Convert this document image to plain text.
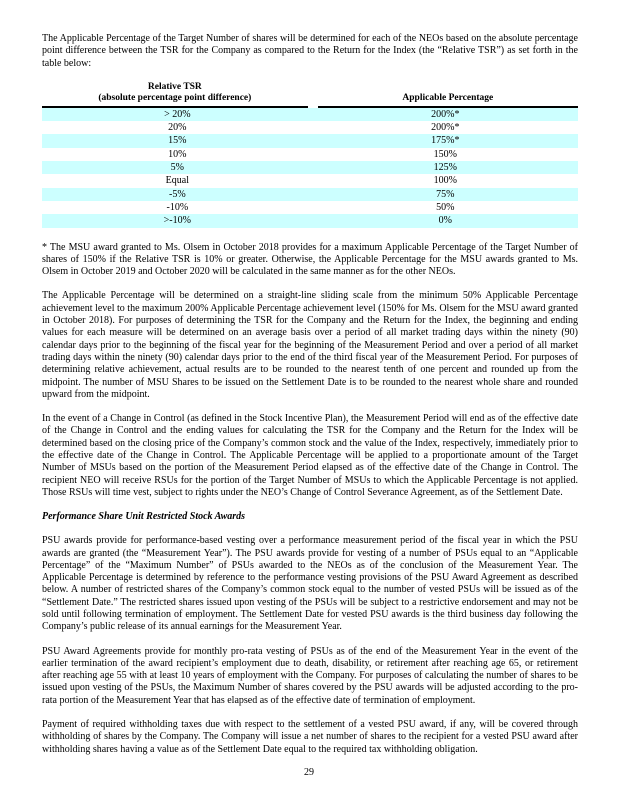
The Applicable Percentage of the Target Number of shares will be determined for each of the NEOs based on the absolute percentage point difference between the TSR for the Company as compared to the Return for the Index (the “Relative TSR”) as set forth in the table below:

Relative TSR
(absolute percentage point difference)	Applicable Percentage

> 20%	200%*
20%	200%*
15%	175%*
10%	150%
5%	125%
Equal	100%
-5%	75%
-10%	50%
>-10%	0%

* The MSU award granted to Ms. Olsem in October 2018 provides for a maximum Applicable Percentage of the Target Number of shares of 150% if the Relative TSR is 10% or greater. Otherwise, the Applicable Percentage for the MSU awards granted to Ms. Olsem in October 2019 and October 2020 will be calculated in the same manner as for the other NEOs.

The Applicable Percentage will be determined on a straight-line sliding scale from the minimum 50% Applicable Percentage achievement level to the maximum 200% Applicable Percentage achievement level (150% for Ms. Olsem for the MSU award granted in October 2018). For purposes of determining the TSR for the Company and the Return for the Index, the beginning and ending values for each measure will be determined on an average basis over a period of all market trading days within the ninety (90) calendar days prior to the beginning of the fiscal year for the beginning of the Measurement Period and over a period of all market trading days within the ninety (90) calendar days prior to the end of the third fiscal year of the Measurement Period. For purposes of determining relative achievement, actual results are to be rounded to the nearest tenth of one percent and rounded up from the midpoint. The number of MSU Shares to be issued on the Settlement Date is to be rounded to the nearest whole share and rounded upward from the midpoint.

In the event of a Change in Control (as defined in the Stock Incentive Plan), the Measurement Period will end as of the effective date of the Change in Control and the ending values for calculating the TSR for the Company and the Return for the Index will be determined based on the closing price of the Company’s common stock and the value of the Index, respectively, immediately prior to the effective date of the Change in Control. The Applicable Percentage will be applied to a proportionate amount of the Target Number of MSUs based on the portion of the Measurement Period elapsed as of the effective date of the Change in Control. The recipient NEO will receive RSUs for the portion of the Target Number of MSUs to which the Applicable Percentage is not applied. Those RSUs will time vest, subject to rights under the NEO’s Change of Control Severance Agreement, as of the Settlement Date.

Performance Share Unit Restricted Stock Awards

PSU awards provide for performance-based vesting over a performance measurement period of the fiscal year in which the PSU awards are granted (the “Measurement Year”). The PSU awards provide for vesting of a number of PSUs equal to an “Applicable Percentage” of the “Maximum Number” of PSUs awarded to the NEOs as of the conclusion of the Measurement Year. The Applicable Percentage is determined by reference to the performance vesting provisions of the PSU Award Agreement as described below. A number of restricted shares of the Company’s common stock equal to the number of vested PSUs will be issued as of the “Settlement Date.” The restricted shares issued upon vesting of the PSUs will be subject to a restrictive endorsement and may not be sold until following termination of employment. The Settlement Date for vested PSU awards is the third business day following the Company’s public release of its annual earnings for the Measurement Year.

PSU Award Agreements provide for monthly pro-rata vesting of PSUs as of the end of the Measurement Year in the event of the earlier termination of the award recipient’s employment due to death, disability, or retirement after reaching age 65, or retirement after reaching age 55 with at least 10 years of employment with the Company. For purposes of calculating the number of shares to be issued upon vesting of the PSUs, the Maximum Number of shares covered by the PSU awards will be adjusted according to the pro-rata portion of the Measurement Year that has elapsed as of the effective date of termination of employment.

Payment of required withholding taxes due with respect to the settlement of a vested PSU award, if any, will be covered through withholding of shares by the Company. The Company will issue a net number of shares to the recipient for a vested PSU award after withholding shares having a value as of the Settlement Date equal to the required tax withholding obligation.

29
